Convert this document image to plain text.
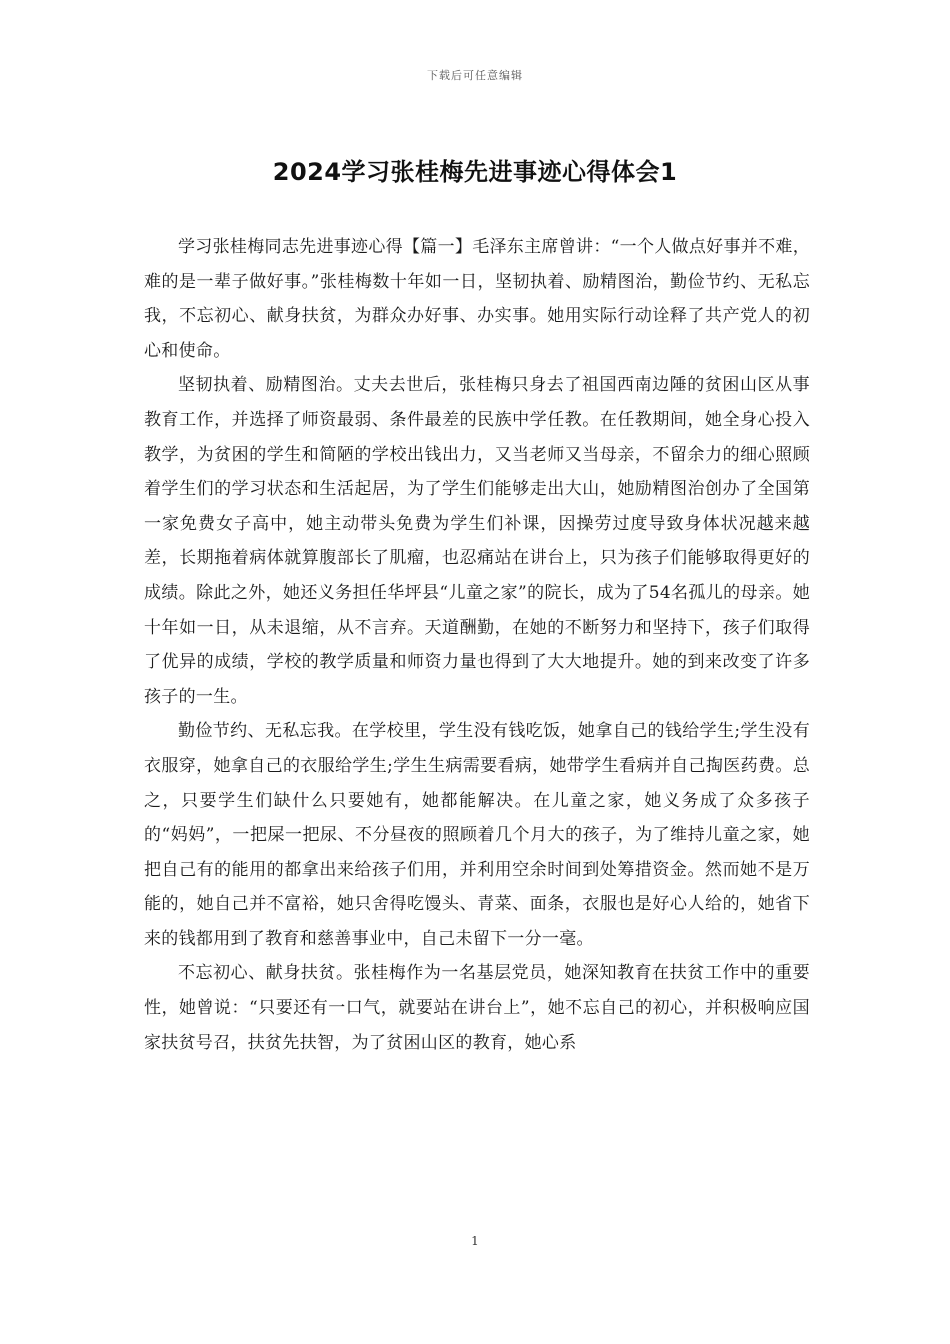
下载后可任意编辑
2024学习张桂梅先进事迹心得体会1

学习张桂梅同志先进事迹心得【篇一】毛泽东主席曾讲：“一个人做点好事并不难，难的是一辈子做好事。”张桂梅数十年如一日，坚韧执着、励精图治，勤俭节约、无私忘我，不忘初心、献身扶贫，为群众办好事、办实事。她用实际行动诠释了共产党人的初心和使命。

坚韧执着、励精图治。丈夫去世后，张桂梅只身去了祖国西南边陲的贫困山区从事教育工作，并选择了师资最弱、条件最差的民族中学任教。在任教期间，她全身心投入教学，为贫困的学生和简陋的学校出钱出力，又当老师又当母亲，不留余力的细心照顾着学生们的学习状态和生活起居，为了学生们能够走出大山，她励精图治创办了全国第一家免费女子高中，她主动带头免费为学生们补课，因操劳过度导致身体状况越来越差，长期拖着病体就算腹部长了肌瘤，也忍痛站在讲台上，只为孩子们能够取得更好的成绩。除此之外，她还义务担任华坪县“儿童之家”的院长，成为了54名孤儿的母亲。她十年如一日，从未退缩，从不言弃。天道酬勤，在她的不断努力和坚持下，孩子们取得了优异的成绩，学校的教学质量和师资力量也得到了大大地提升。她的到来改变了许多孩子的一生。

勤俭节约、无私忘我。在学校里，学生没有钱吃饭，她拿自己的钱给学生;学生没有衣服穿，她拿自己的衣服给学生;学生生病需要看病，她带学生看病并自己掏医药费。总之，只要学生们缺什么只要她有，她都能解决。在儿童之家，她义务成了众多孩子的“妈妈”，一把屎一把尿、不分昼夜的照顾着几个月大的孩子，为了维持儿童之家，她把自己有的能用的都拿出来给孩子们用，并利用空余时间到处筹措资金。然而她不是万能的，她自己并不富裕，她只舍得吃馒头、青菜、面条，衣服也是好心人给的，她省下来的钱都用到了教育和慈善事业中，自己未留下一分一毫。

不忘初心、献身扶贫。张桂梅作为一名基层党员，她深知教育在扶贫工作中的重要性，她曾说：“只要还有一口气，就要站在讲台上”，她不忘自己的初心，并积极响应国家扶贫号召，扶贫先扶智，为了贫困山区的教育，她心系

1
